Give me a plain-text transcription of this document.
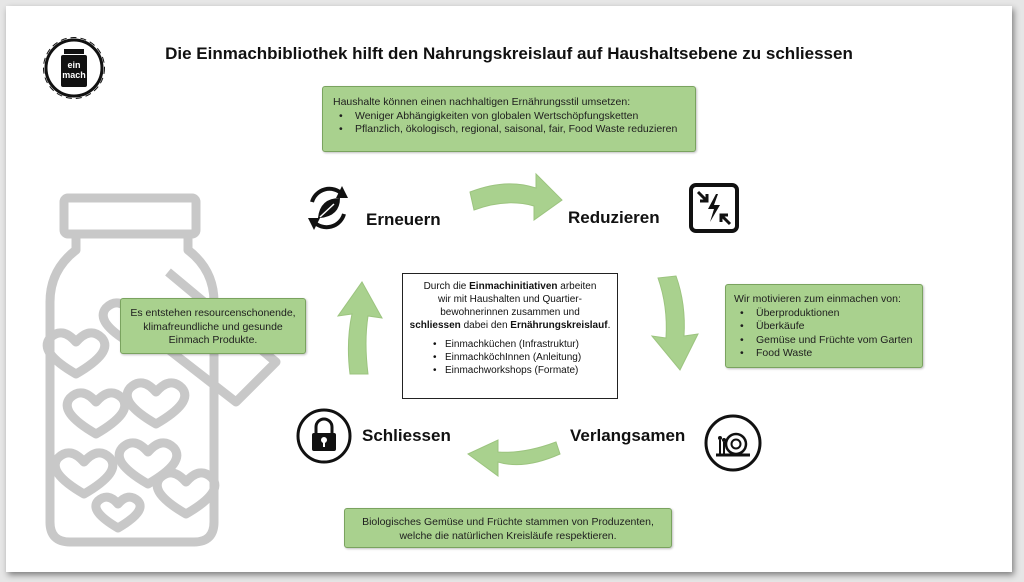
Die Einmachbibliothek hilft den Nahrungskreislauf auf Haushaltsebene zu schliessen
ein
mach
Haushalte können einen nachhaltigen Ernährungsstil umsetzen:
• Weniger Abhängigkeiten von globalen Wertschöpfungsketten
• Pflanzlich, ökologisch, regional, saisonal, fair, Food Waste reduzieren
Wir motivieren zum einmachen von:
• Überproduktionen
• Überkäufe
• Gemüse und Früchte vom Garten
• Food Waste
Biologisches Gemüse und Früchte stammen von Produzenten,
welche die natürlichen Kreisläufe respektieren.
Es entstehen resourcenschonende,
klimafreundliche und gesunde
Einmach Produkte.
Durch die Einmachinitiativen arbeiten
wir mit Haushalten und Quartier-
bewohnerinnen zusammen und
schliessen dabei den Ernährungskreislauf.
• Einmachküchen (Infrastruktur)
• EinmachköchInnen (Anleitung)
• Einmachworkshops (Formate)
Erneuern	Reduzieren
Verlangsamen
Schliessen
